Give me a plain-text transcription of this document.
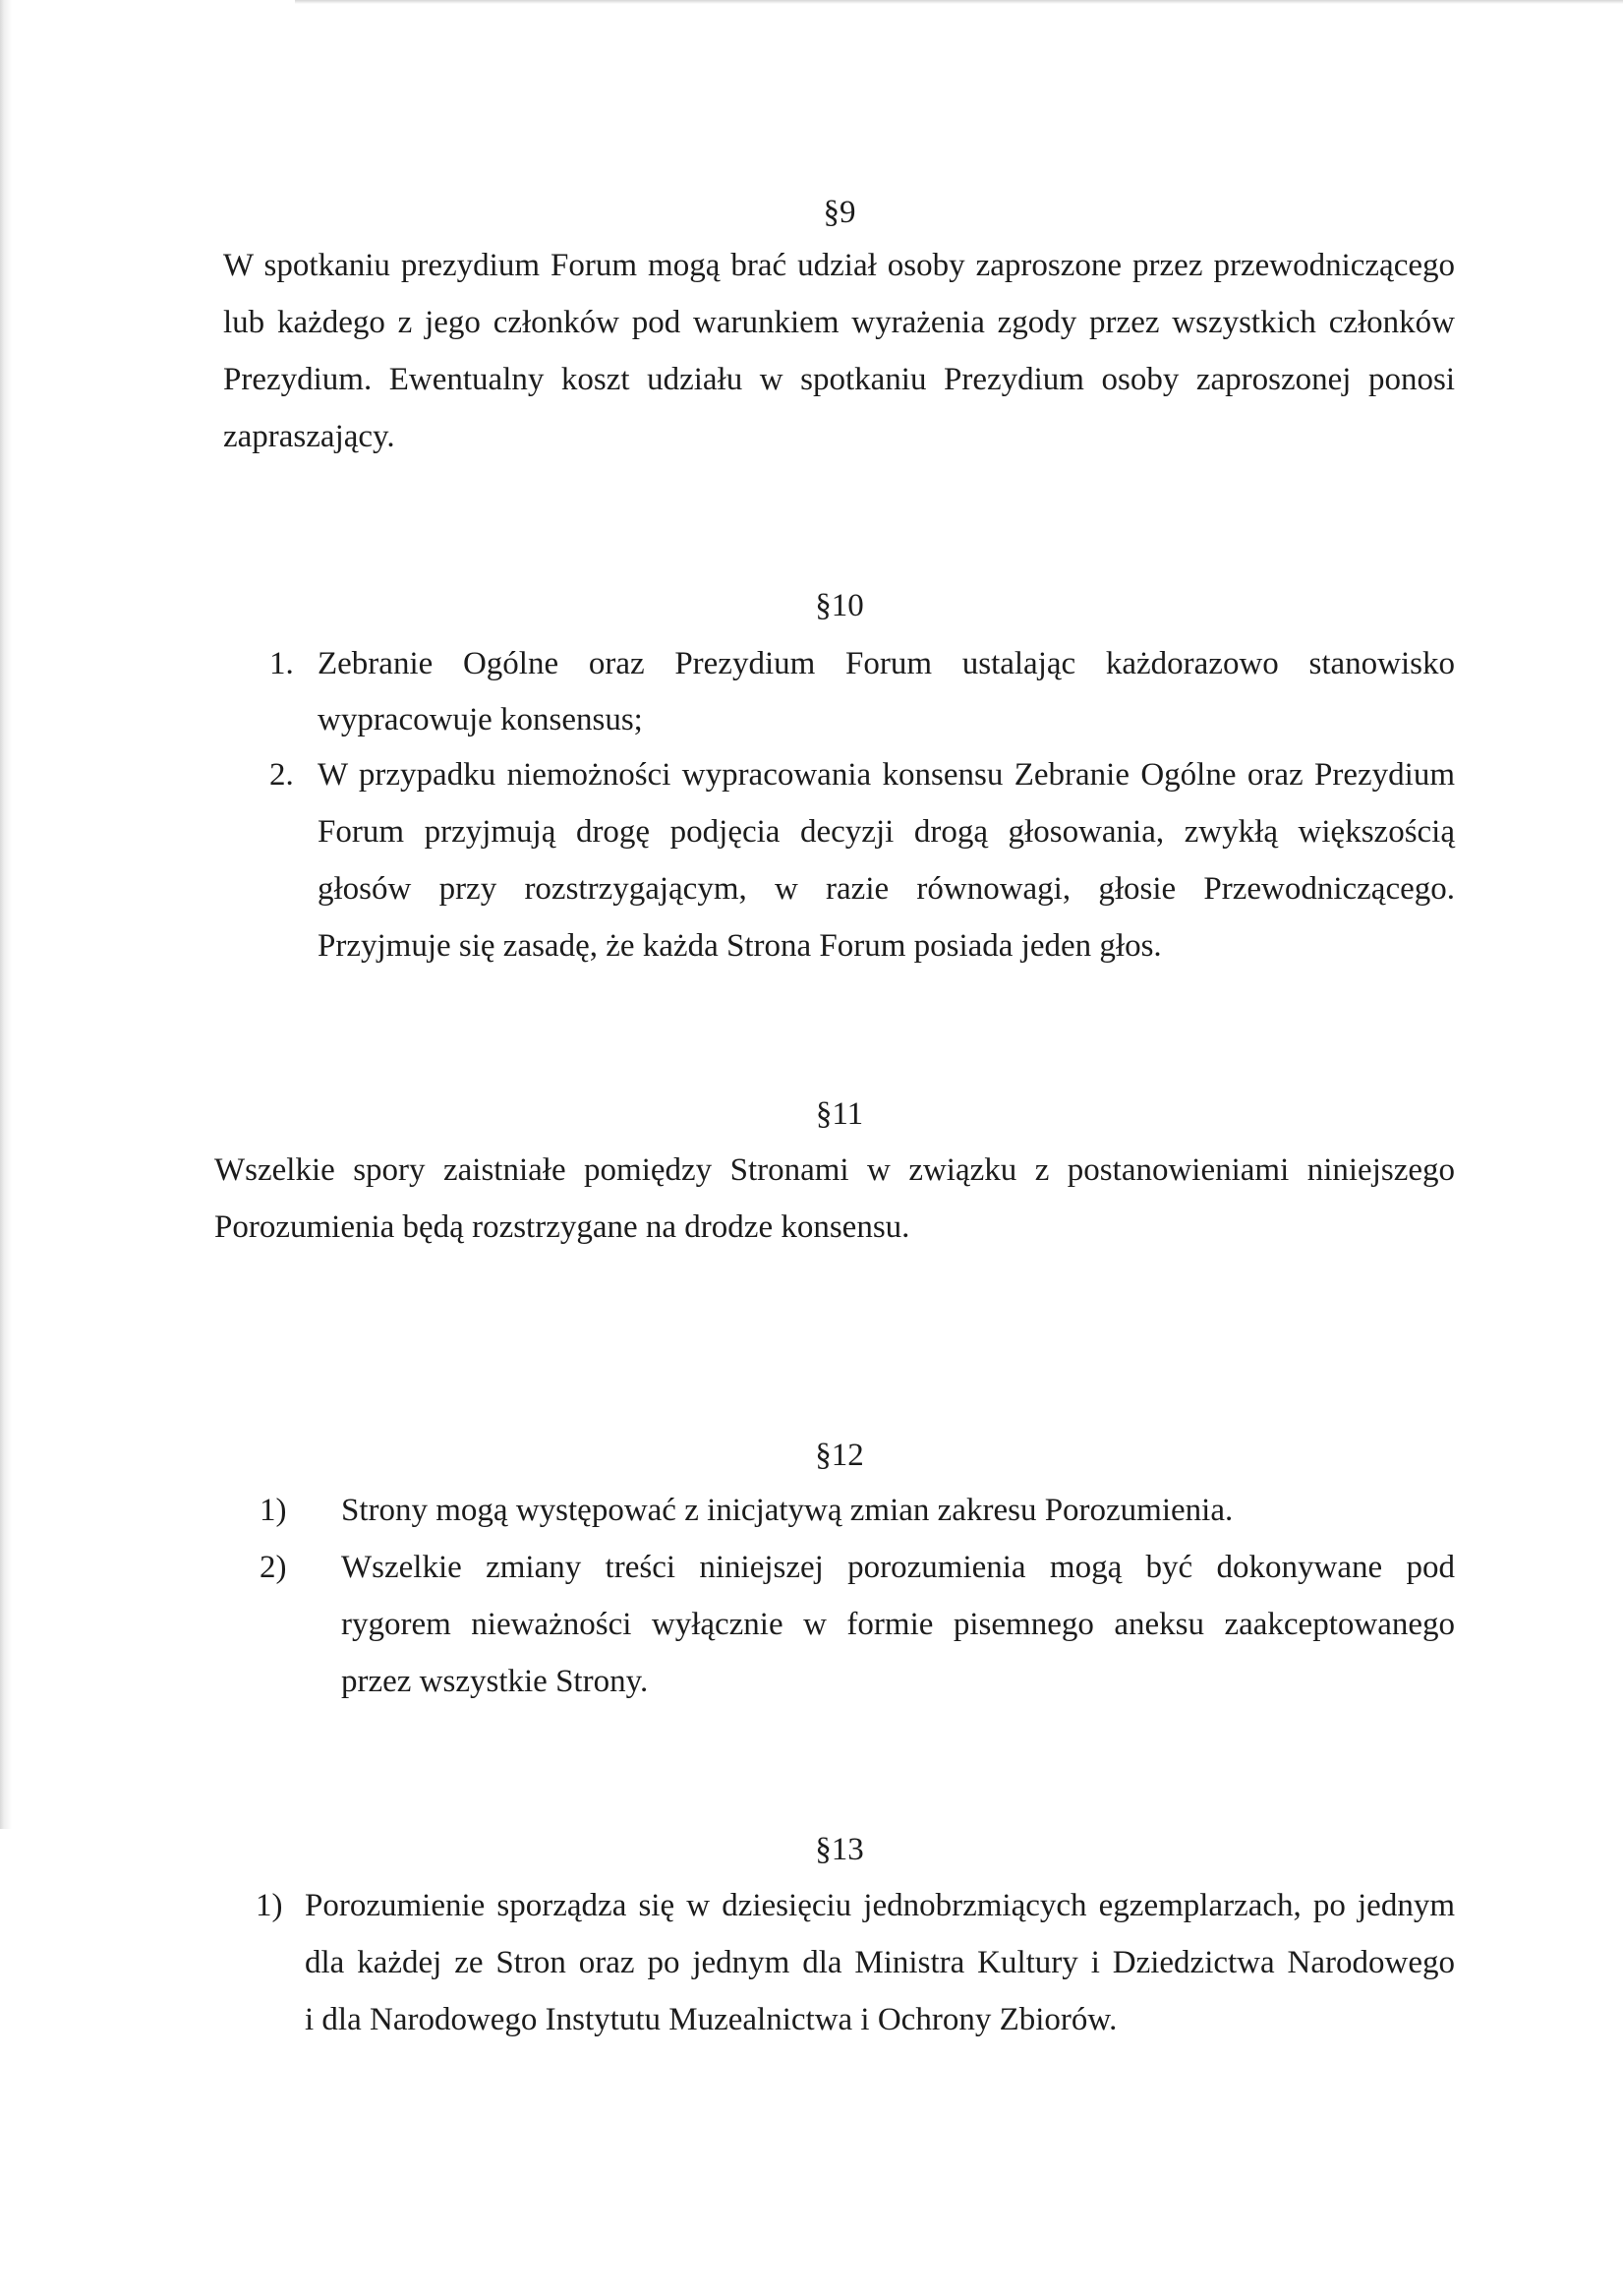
§9
W spotkaniu prezydium Forum mogą brać udział osoby zaproszone przez przewodniczącego
lub każdego z jego członków pod warunkiem wyrażenia zgody przez wszystkich członków
Prezydium. Ewentualny koszt udziału w spotkaniu Prezydium osoby zaproszonej ponosi
zapraszający.
§10
1. Zebranie Ogólne oraz Prezydium Forum ustalając każdorazowo stanowisko
wypracowuje konsensus;
2. W przypadku niemożności wypracowania konsensu Zebranie Ogólne oraz Prezydium
Forum przyjmują drogę podjęcia decyzji drogą głosowania, zwykłą większością
głosów przy rozstrzygającym, w razie równowagi, głosie Przewodniczącego.
Przyjmuje się zasadę, że każda Strona Forum posiada jeden głos.
§11
Wszelkie spory zaistniałe pomiędzy Stronami w związku z postanowieniami niniejszego
Porozumienia będą rozstrzygane na drodze konsensu.
§12
1) Strony mogą występować z inicjatywą zmian zakresu Porozumienia.
2) Wszelkie zmiany treści niniejszej porozumienia mogą być dokonywane pod
rygorem nieważności wyłącznie w formie pisemnego aneksu zaakceptowanego
przez wszystkie Strony.
§13
1) Porozumienie sporządza się w dziesięciu jednobrzmiących egzemplarzach, po jednym
dla każdej ze Stron oraz po jednym dla Ministra Kultury i Dziedzictwa Narodowego
i dla Narodowego Instytutu Muzealnictwa i Ochrony Zbiorów.
